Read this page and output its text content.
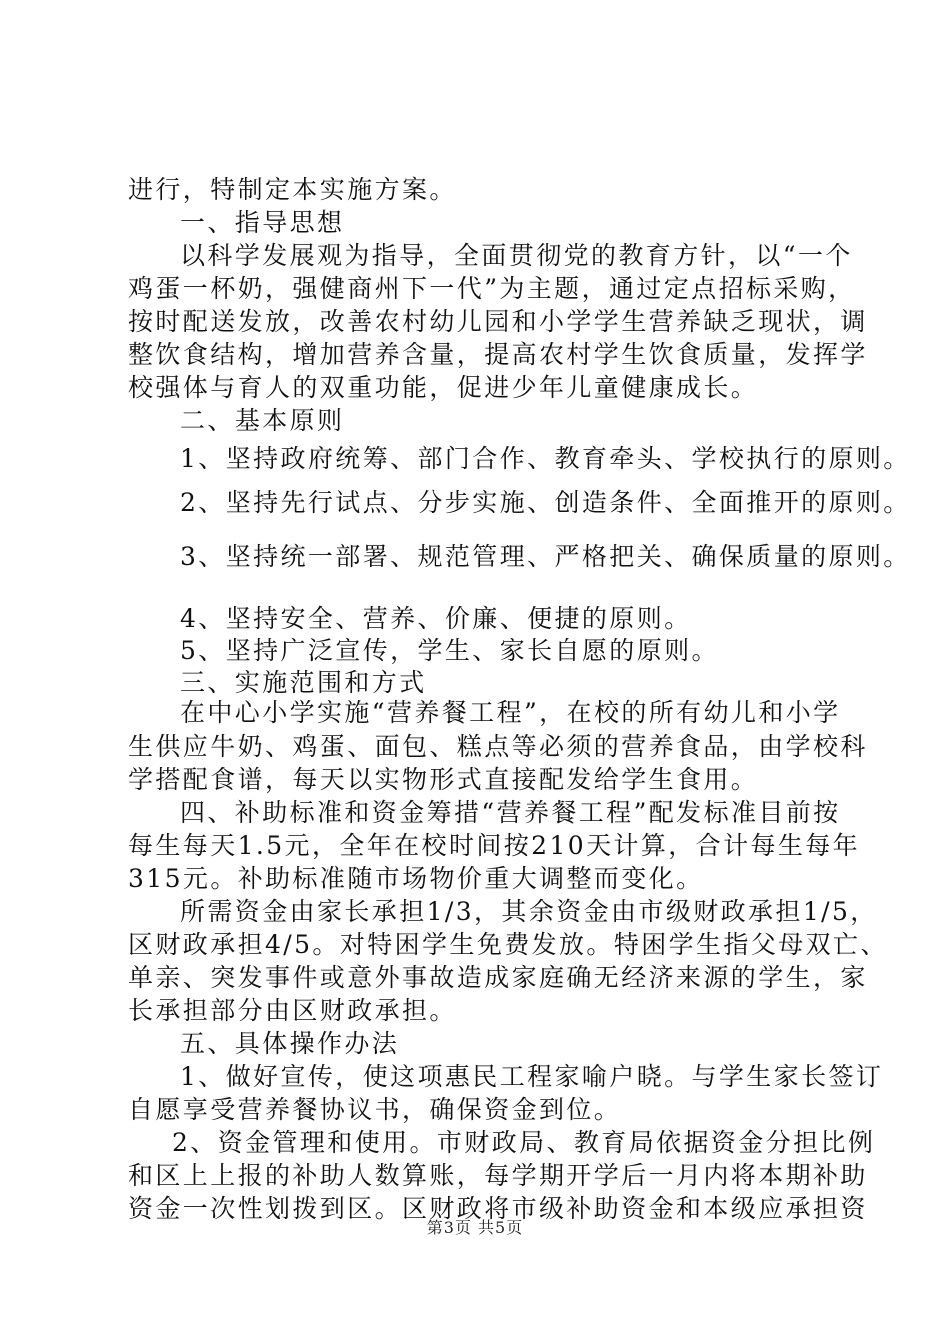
进行，特制定本实施方案。
一、指导思想
以科学发展观为指导，全面贯彻党的教育方针，以“一个
鸡蛋一杯奶，强健商州下一代”为主题，通过定点招标采购，
按时配送发放，改善农村幼儿园和小学学生营养缺乏现状，调
整饮食结构，增加营养含量，提高农村学生饮食质量，发挥学
校强体与育人的双重功能，促进少年儿童健康成长。
二、基本原则
1、坚持政府统筹、部门合作、教育牵头、学校执行的原则。
2、坚持先行试点、分步实施、创造条件、全面推开的原则。
3、坚持统一部署、规范管理、严格把关、确保质量的原则。
4、坚持安全、营养、价廉、便捷的原则。
5、坚持广泛宣传，学生、家长自愿的原则。
三、实施范围和方式
在中心小学实施“营养餐工程”，在校的所有幼儿和小学
生供应牛奶、鸡蛋、面包、糕点等必须的营养食品，由学校科
学搭配食谱，每天以实物形式直接配发给学生食用。
四、补助标准和资金筹措“营养餐工程”配发标准目前按
每生每天1.5元，全年在校时间按210天计算，合计每生每年
315元。补助标准随市场物价重大调整而变化。
所需资金由家长承担1/3，其余资金由市级财政承担1/5，
区财政承担4/5。对特困学生免费发放。特困学生指父母双亡、
单亲、突发事件或意外事故造成家庭确无经济来源的学生，家
长承担部分由区财政承担。
五、具体操作办法
1、做好宣传，使这项惠民工程家喻户晓。与学生家长签订
自愿享受营养餐协议书，确保资金到位。
2、资金管理和使用。市财政局、教育局依据资金分担比例
和区上上报的补助人数算账，每学期开学后一月内将本期补助
资金一次性划拨到区。区财政将市级补助资金和本级应承担资
第3页 共5页
